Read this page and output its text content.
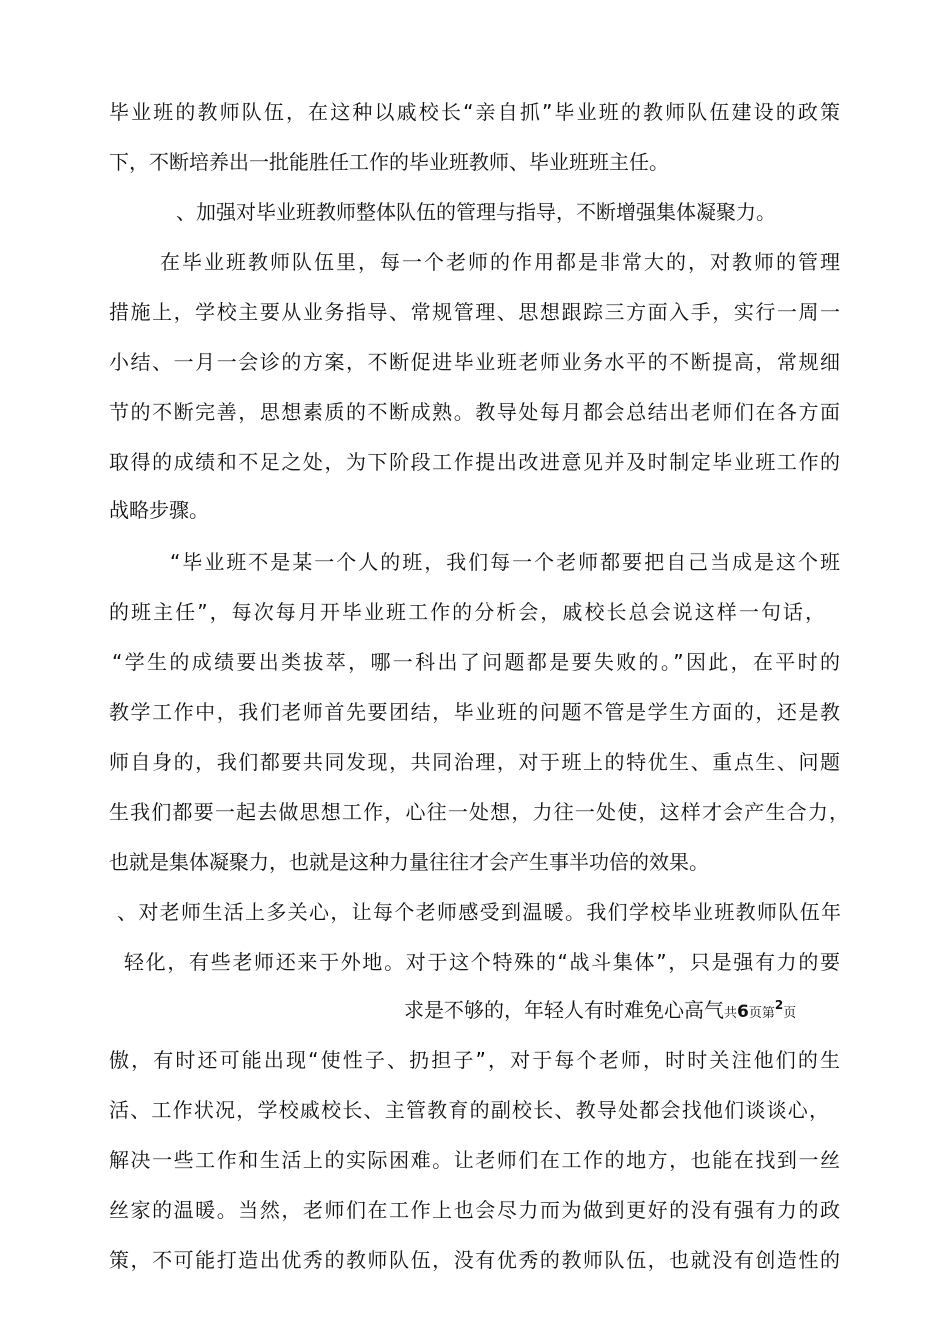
毕业班的教师队伍，在这种以戚校长“亲自抓”毕业班的教师队伍建设的政策
下，不断培养出一批能胜任工作的毕业班教师、毕业班班主任。
、加强对毕业班教师整体队伍的管理与指导，不断增强集体凝聚力。
在毕业班教师队伍里，每一个老师的作用都是非常大的，对教师的管理
措施上，学校主要从业务指导、常规管理、思想跟踪三方面入手，实行一周一
小结、一月一会诊的方案，不断促进毕业班老师业务水平的不断提高，常规细
节的不断完善，思想素质的不断成熟。教导处每月都会总结出老师们在各方面
取得的成绩和不足之处，为下阶段工作提出改进意见并及时制定毕业班工作的
战略步骤。
“毕业班不是某一个人的班，我们每一个老师都要把自己当成是这个班
的班主任”，每次每月开毕业班工作的分析会，戚校长总会说这样一句话，
“学生的成绩要出类拔萃，哪一科出了问题都是要失败的。”因此，在平时的
教学工作中，我们老师首先要团结，毕业班的问题不管是学生方面的，还是教
师自身的，我们都要共同发现，共同治理，对于班上的特优生、重点生、问题
生我们都要一起去做思想工作，心往一处想，力往一处使，这样才会产生合力，
也就是集体凝聚力，也就是这种力量往往才会产生事半功倍的效果。
、对老师生活上多关心，让每个老师感受到温暖。我们学校毕业班教师队伍年
轻化，有些老师还来于外地。对于这个特殊的“战斗集体”，只是强有力的要
求是不够的，年轻人有时难免心高气共6页第$^2$页
傲，有时还可能出现“使性子、扔担子”，对于每个老师，时时关注他们的生
活、工作状况，学校戚校长、主管教育的副校长、教导处都会找他们谈谈心，
解决一些工作和生活上的实际困难。让老师们在工作的地方，也能在找到一丝
丝家的温暖。当然，老师们在工作上也会尽力而为做到更好的没有强有力的政
策，不可能打造出优秀的教师队伍，没有优秀的教师队伍，也就没有创造性的
